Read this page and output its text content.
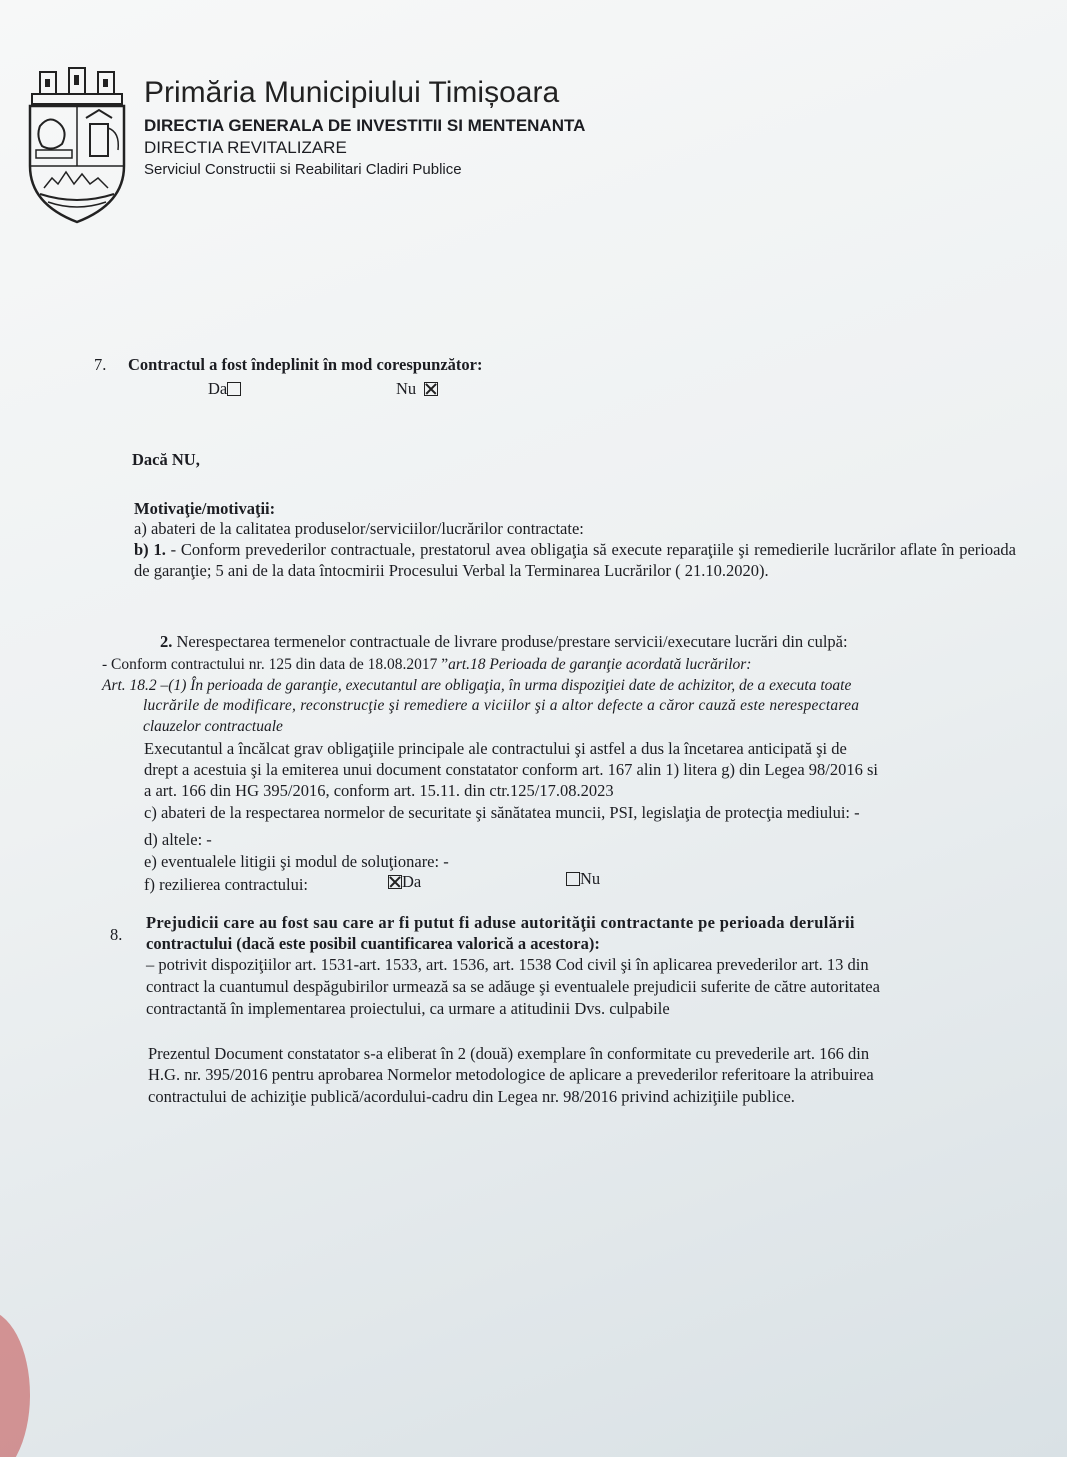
Primăria Municipiului Timișoara
DIRECTIA GENERALA DE INVESTITII SI MENTENANTA
DIRECTIA REVITALIZARE
Serviciul Constructii si Reabilitari Cladiri Publice
7. Contractul a fost îndeplinit în mod corespunzător:
Da	Nu
Dacă NU,
Motivaţie/motivaţii:
a) abateri de la calitatea produselor/serviciilor/lucrărilor contractate:
b) 1. - Conform prevederilor contractuale, prestatorul avea obligaţia să execute reparaţiile şi remedierile lucrărilor aflate în perioada de garanţie; 5 ani de la data întocmirii Procesului Verbal la Terminarea Lucrărilor ( 21.10.2020).
2. Nerespectarea termenelor contractuale de livrare produse/prestare servicii/executare lucrări din culpă:
- Conform contractului nr. 125 din data de 18.08.2017 ”art.18 Perioada de garanţie acordată lucrărilor:
Art. 18.2 –(1) În perioada de garanţie, executantul are obligaţia, în urma dispoziţiei date de achizitor, de a executa toate
lucrările de modificare, reconstrucţie şi remediere a viciilor şi a altor defecte a căror cauză este nerespectarea
clauzelor contractuale
Executantul a încălcat grav obligaţiile principale ale contractului şi astfel a dus la încetarea anticipată şi de
drept a acestuia şi la emiterea unui document constatator conform art. 167 alin 1) litera g) din Legea 98/2016 si
a art. 166 din HG 395/2016, conform art. 15.11. din ctr.125/17.08.2023
c) abateri de la respectarea normelor de securitate şi sănătatea muncii, PSI, legislaţia de protecţia mediului: -
d) altele: -
e) eventualele litigii şi modul de soluţionare: -
f) rezilierea contractului:	Da	Nu
8.
Prejudicii care au fost sau care ar fi putut fi aduse autorităţii contractante pe perioada derulării
contractului (dacă este posibil cuantificarea valorică a acestora):
– potrivit dispoziţiilor art. 1531-art. 1533, art. 1536, art. 1538 Cod civil şi în aplicarea prevederilor art. 13 din
contract la cuantumul despăgubirilor urmează sa se adăuge şi eventualele prejudicii suferite de către autoritatea
contractantă în implementarea proiectului, ca urmare a atitudinii Dvs. culpabile
Prezentul Document constatator s-a eliberat în 2 (două) exemplare în conformitate cu prevederile art. 166 din
H.G. nr. 395/2016 pentru aprobarea Normelor metodologice de aplicare a prevederilor referitoare la atribuirea
contractului de achiziţie publică/acordului-cadru din Legea nr. 98/2016 privind achiziţiile publice.
